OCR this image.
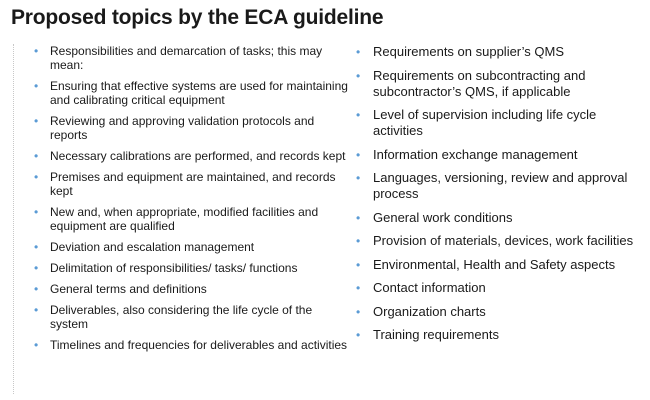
Proposed topics by the ECA guideline
• Responsibilities and demarcation of tasks; this may mean:
• Ensuring that effective systems are used for maintaining and calibrating critical equipment
• Reviewing and approving validation protocols and reports
• Necessary calibrations are performed, and records kept
• Premises and equipment are maintained, and records kept
• New and, when appropriate, modified facilities and equipment are qualified
• Deviation and escalation management
• Delimitation of responsibilities/ tasks/ functions
• General terms and definitions
• Deliverables, also considering the life cycle of the system
• Timelines and frequencies for deliverables and activities
• Requirements on supplier’s QMS
• Requirements on subcontracting and subcontractor’s QMS, if applicable
• Level of supervision including life cycle activities
• Information exchange management
• Languages, versioning, review and approval process
• General work conditions
• Provision of materials, devices, work facilities
• Environmental, Health and Safety aspects
• Contact information
• Organization charts
• Training requirements
